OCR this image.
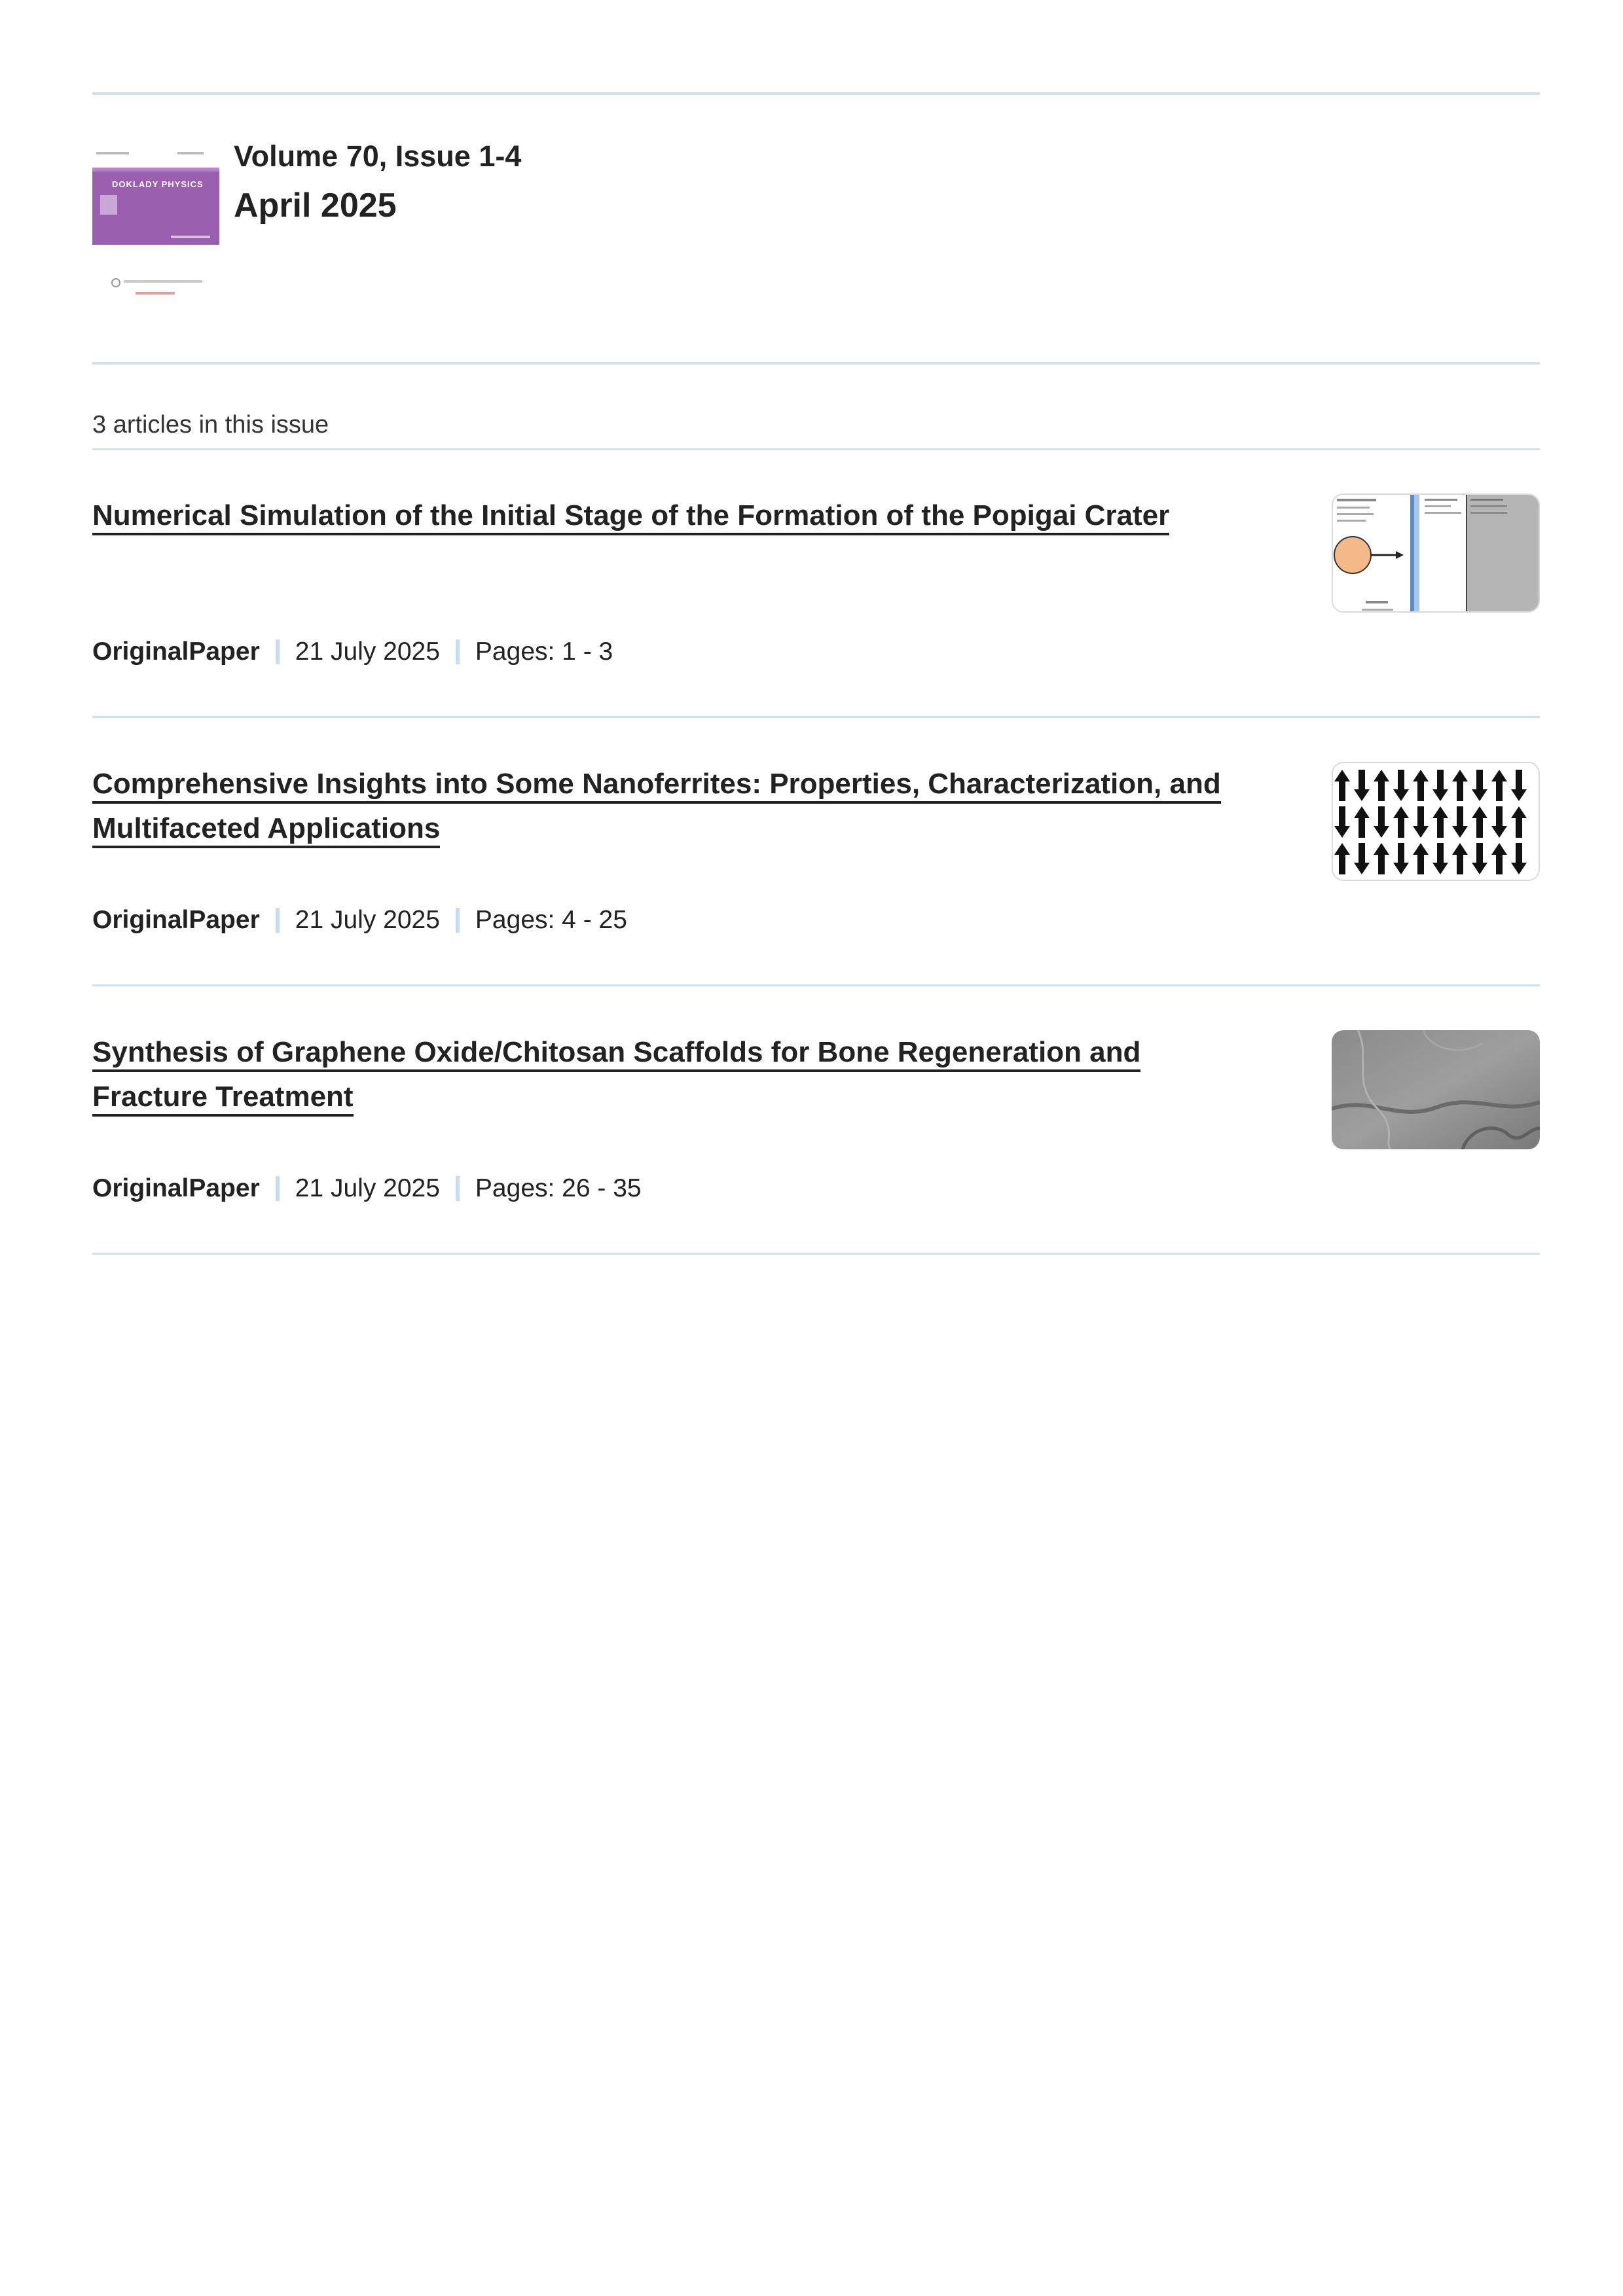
DOKLADY PHYSICS
Volume 70, Issue 1-4
April 2025
3 articles in this issue
Numerical Simulation of the Initial Stage of the Formation of the Popigai Crater
OriginalPaper 21 July 2025 Pages: 1 - 3
Comprehensive Insights into Some Nanoferrites: Properties, Characterization, and
Multifaceted Applications
OriginalPaper 21 July 2025 Pages: 4 - 25
Synthesis of Graphene Oxide/Chitosan Scaffolds for Bone Regeneration and
Fracture Treatment
OriginalPaper 21 July 2025 Pages: 26 - 35
